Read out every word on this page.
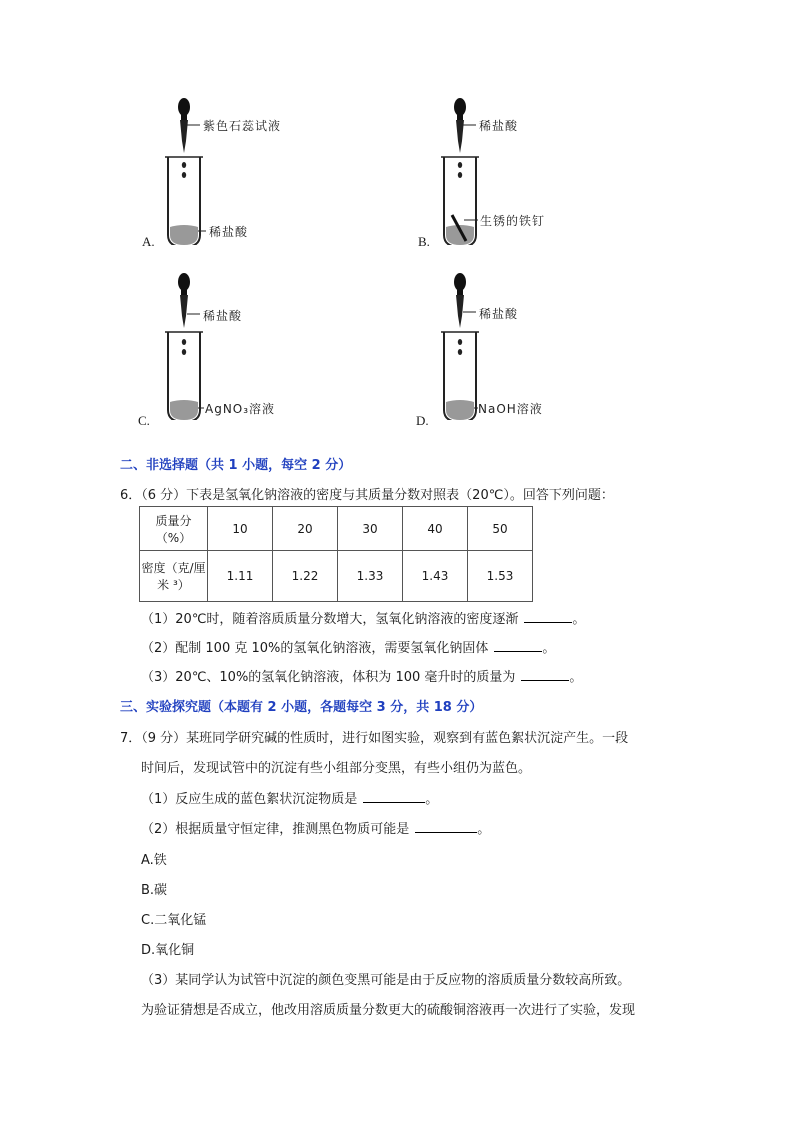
紫色石蕊试液
稀盐酸
A.
稀盐酸
生锈的铁钉
B.
稀盐酸
AgNO₃溶液
C.
稀盐酸
NaOH溶液
D.
二、非选择题（共 1 小题，每空 2 分）
6．（6 分）下表是氢氧化钠溶液的密度与其质量分数对照表（20℃）。回答下列问题：
质量分
（%）	10	20	30	40	50

密度（克/厘
米 ³）	1.11	1.22	1.33	1.43	1.53
（1）20℃时，随着溶质质量分数增大，氢氧化钠溶液的密度逐渐	。
（2）配制 100 克 10%的氢氧化钠溶液，需要氢氧化钠固体	。
（3）20℃、10%的氢氧化钠溶液，体积为 100 毫升时的质量为	。
三、实验探究题（本题有 2 小题，各题每空 3 分，共 18 分）
7．（9 分）某班同学研究碱的性质时，进行如图实验，观察到有蓝色絮状沉淀产生。一段
时间后，发现试管中的沉淀有些小组部分变黑，有些小组仍为蓝色。
（1）反应生成的蓝色絮状沉淀物质是	。
（2）根据质量守恒定律，推测黑色物质可能是	。
A.铁
B.碳
C.二氧化锰
D.氧化铜
（3）某同学认为试管中沉淀的颜色变黑可能是由于反应物的溶质质量分数较高所致。
为验证猜想是否成立，他改用溶质质量分数更大的硫酸铜溶液再一次进行了实验，发现
